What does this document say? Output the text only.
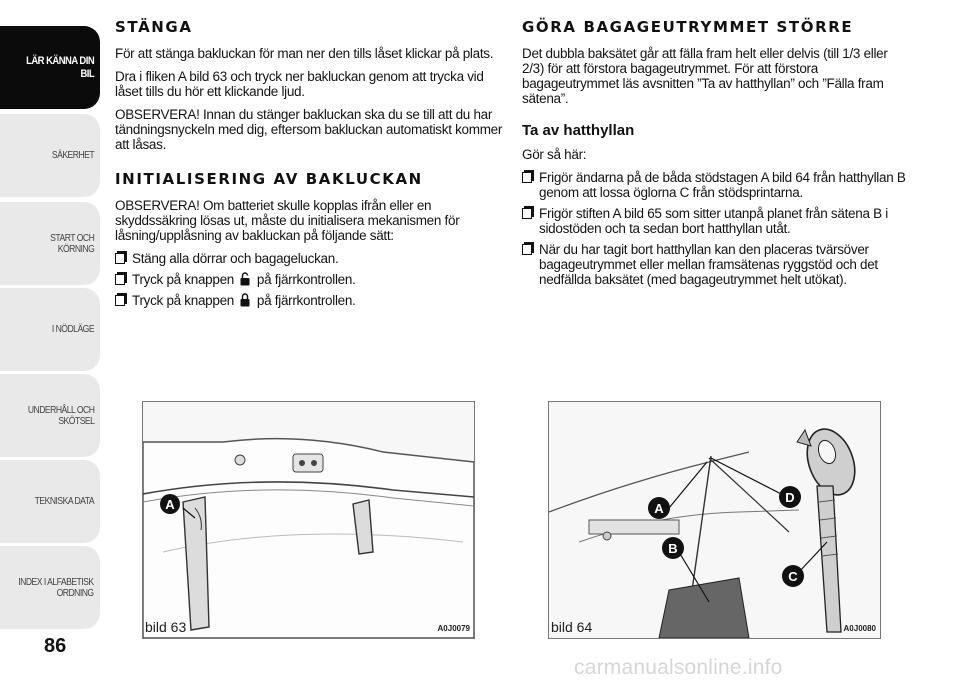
LÄR KÄNNA DIN
BIL
SÄKERHET
START OCH
KÖRNING
I NÖDLÄGE
UNDERHÅLL OCH
SKÖTSEL
TEKNISKA DATA
INDEX I ALFABETISK
ORDNING
86
STÄNGA

För att stänga bakluckan för man ner den tills låset klickar på plats.

Dra i fliken A bild 63 och tryck ner bakluckan genom att trycka vid låset tills du hör ett klickande ljud.

OBSERVERA! Innan du stänger bakluckan ska du se till att du har tändningsnyckeln med dig, eftersom bakluckan automatiskt kommer att låsas.

INITIALISERING AV BAKLUCKAN

OBSERVERA! Om batteriet skulle kopplas ifrån eller en skyddssäkring lösas ut, måste du initialisera mekanismen för låsning/upplåsning av bakluckan på följande sätt:

Stäng alla dörrar och bagageluckan.
Tryck på knappen på fjärrkontrollen.
Tryck på knappen på fjärrkontrollen.
GÖRA BAGAGEUTRYMMET STÖRRE

Det dubbla baksätet går att fälla fram helt eller delvis (till 1/3 eller 2/3) för att förstora bagageutrymmet. För att förstora bagageutrymmet läs avsnitten ”Ta av hatthyllan” och ”Fälla fram sätena”.

Ta av hatthyllan

Gör så här:

Frigör ändarna på de båda stödstagen A bild 64 från hatthyllan B genom att lossa öglorna C från stödsprintarna.
Frigör stiften A bild 65 som sitter utanpå planet från sätena B i sidostöden och ta sedan bort hatthyllan utåt.
När du har tagit bort hatthyllan kan den placeras tvärsöver bagageutrymmet eller mellan framsätenas ryggstöd och det nedfällda baksätet (med bagageutrymmet helt utökat).
A
bild 63	A0J0079
A
B
D
C
bild 64	A0J0080
carmanualsonline.info
